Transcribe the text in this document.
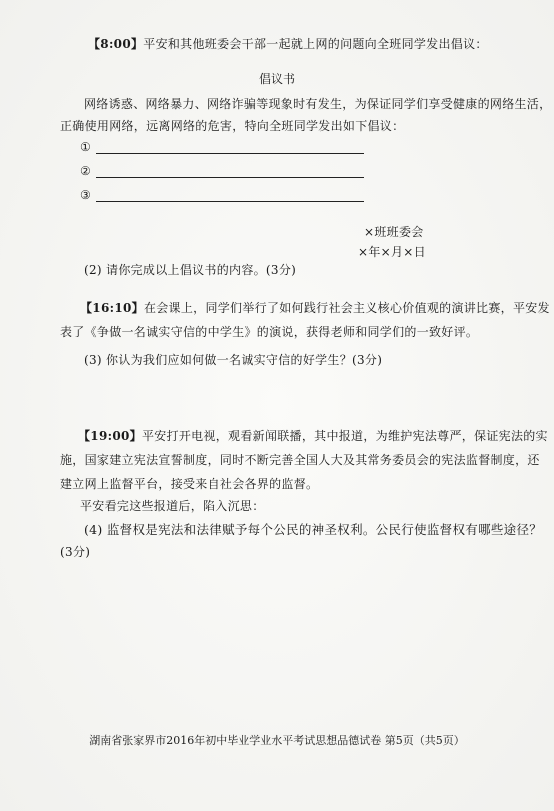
【8:00】平安和其他班委会干部一起就上网的问题向全班同学发出倡议：
倡议书
网络诱惑、网络暴力、网络诈骗等现象时有发生，为保证同学们享受健康的网络生活，
正确使用网络，远离网络的危害，特向全班同学发出如下倡议：
①
②
③
×班班委会
×年×月×日
(2) 请你完成以上倡议书的内容。(3分)
【16:10】在会课上，同学们举行了如何践行社会主义核心价值观的演讲比赛，平安发
表了《争做一名诚实守信的中学生》的演说，获得老师和同学们的一致好评。
(3) 你认为我们应如何做一名诚实守信的好学生？(3分)
【19:00】平安打开电视，观看新闻联播，其中报道，为维护宪法尊严，保证宪法的实
施，国家建立宪法宣誓制度，同时不断完善全国人大及其常务委员会的宪法监督制度，还
建立网上监督平台，接受来自社会各界的监督。
平安看完这些报道后，陷入沉思：
(4) 监督权是宪法和法律赋予每个公民的神圣权利。公民行使监督权有哪些途径？
(3分)
湖南省张家界市2016年初中毕业学业水平考试思想品德试卷 第5页（共5页）
